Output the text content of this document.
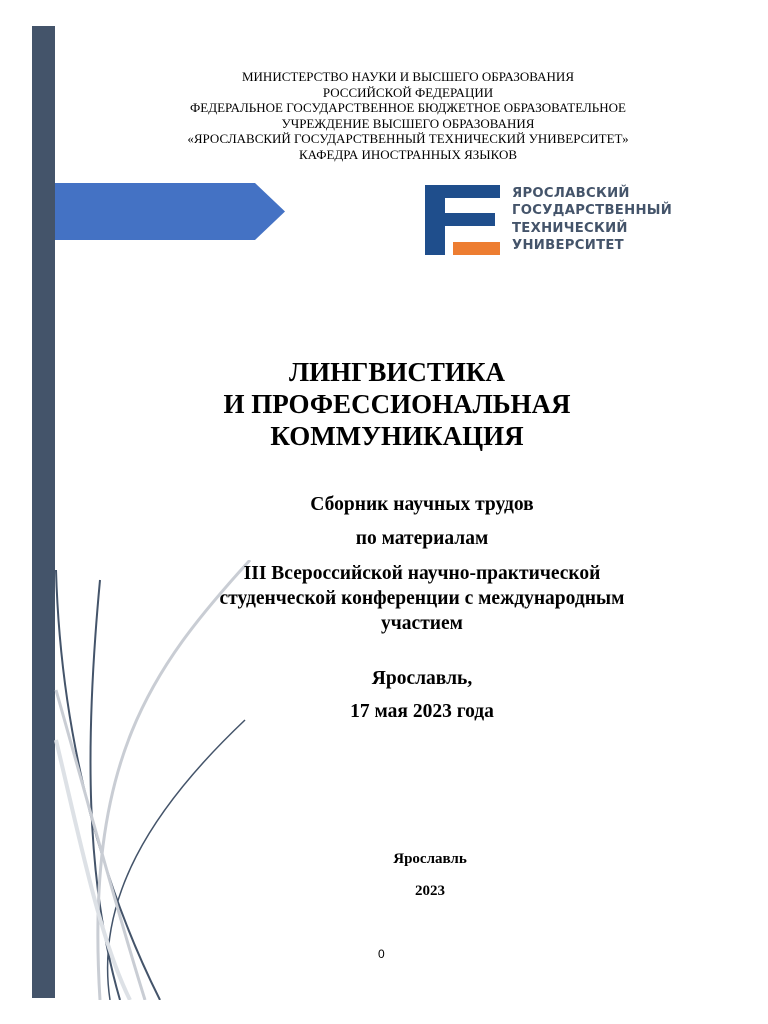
МИНИСТЕРСТВО НАУКИ И ВЫСШЕГО ОБРАЗОВАНИЯ
РОССИЙСКОЙ ФЕДЕРАЦИИ
ФЕДЕРАЛЬНОЕ ГОСУДАРСТВЕННОЕ БЮДЖЕТНОЕ ОБРАЗОВАТЕЛЬНОЕ
УЧРЕЖДЕНИЕ ВЫСШЕГО ОБРАЗОВАНИЯ
«ЯРОСЛАВСКИЙ ГОСУДАРСТВЕННЫЙ ТЕХНИЧЕСКИЙ УНИВЕРСИТЕТ»
КАФЕДРА ИНОСТРАННЫХ ЯЗЫКОВ
ЯРОСЛАВСКИЙ
ГОСУДАРСТВЕННЫЙ
ТЕХНИЧЕСКИЙ
УНИВЕРСИТЕТ
ЛИНГВИСТИКА
И ПРОФЕССИОНАЛЬНАЯ
КОММУНИКАЦИЯ
Сборник научных трудов
по материалам
III Всероссийской научно-практической студенческой конференции с международным участием
Ярославль,
17 мая 2023 года
Ярославль
2023
0
